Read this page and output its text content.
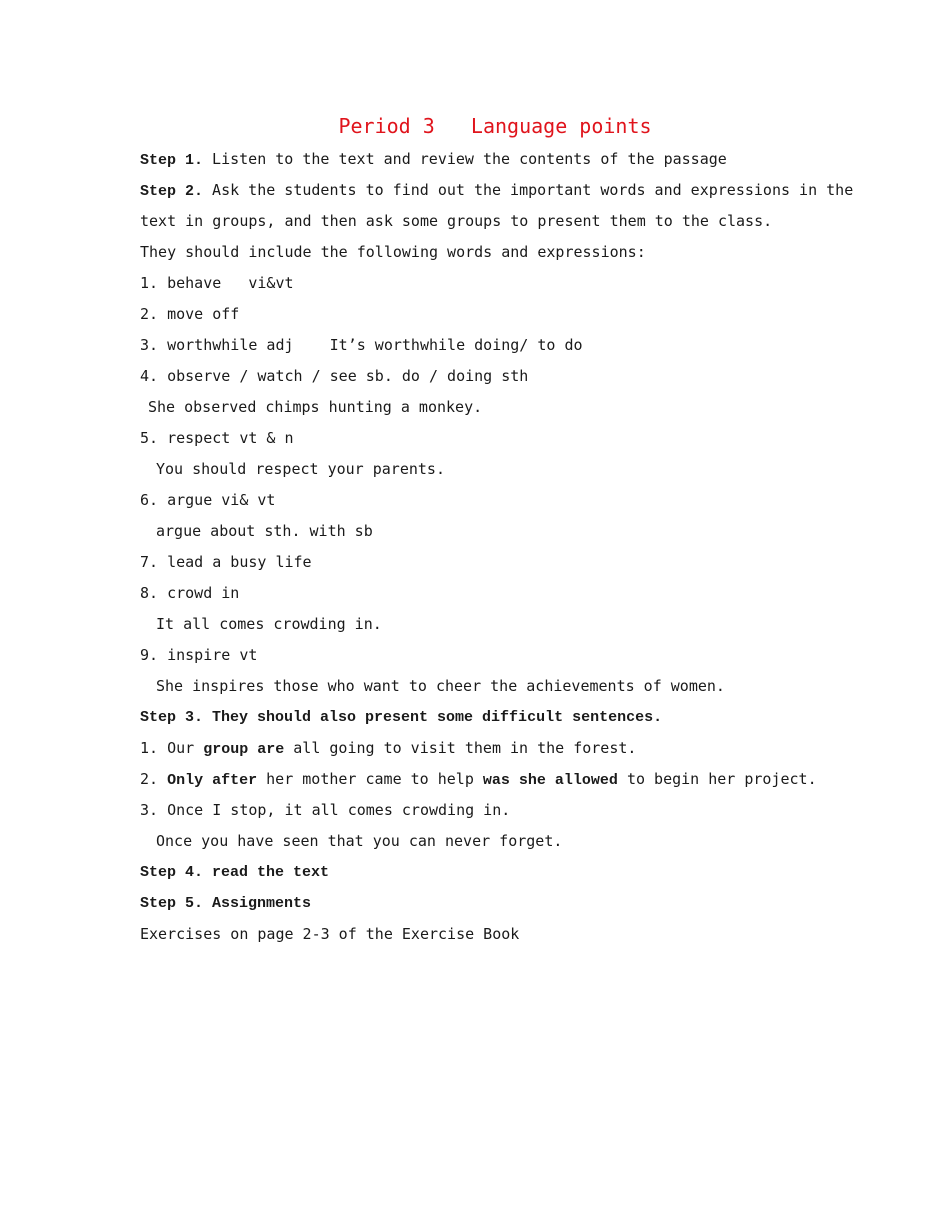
Period 3   Language points
Step 1. Listen to the text and review the contents of the passage
Step 2. Ask the students to find out the important words and expressions in the
text in groups, and then ask some groups to present them to the class.
They should include the following words and expressions:
1. behave   vi&vt
2. move off
3. worthwhile adj    It’s worthwhile doing/ to do
4. observe / watch / see sb. do / doing sth
She observed chimps hunting a monkey.
5. respect vt & n
You should respect your parents.
6. argue vi& vt
argue about sth. with sb
7. lead a busy life
8. crowd in
It all comes crowding in.
9. inspire vt
She inspires those who want to cheer the achievements of women.
Step 3. They should also present some difficult sentences.
1. Our group are all going to visit them in the forest.
2. Only after her mother came to help was she allowed to begin her project.
3. Once I stop, it all comes crowding in.
Once you have seen that you can never forget.
Step 4. read the text
Step 5. Assignments
Exercises on page 2-3 of the Exercise Book
